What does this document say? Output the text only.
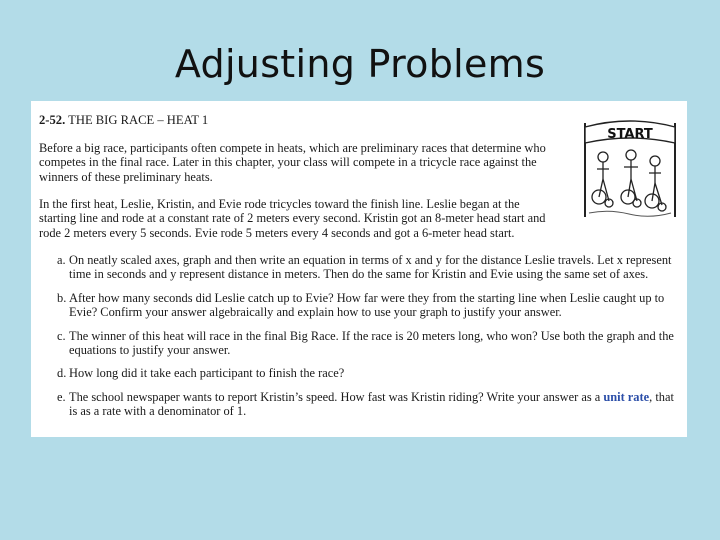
Adjusting Problems
2-52. THE BIG RACE – HEAT 1
Before a big race, participants often compete in heats, which are preliminary races that determine who competes in the final race. Later in this chapter, your class will compete in a tricycle race against the winners of these preliminary heats.
In the first heat, Leslie, Kristin, and Evie rode tricycles toward the finish line. Leslie began at the starting line and rode at a constant rate of 2 meters every second. Kristin got an 8-meter head start and rode 2 meters every 5 seconds. Evie rode 5 meters every 4 seconds and got a 6-meter head start.
START
a. On neatly scaled axes, graph and then write an equation in terms of x and y for the distance Leslie travels. Let x represent time in seconds and y represent distance in meters. Then do the same for Kristin and Evie using the same set of axes.
b. After how many seconds did Leslie catch up to Evie? How far were they from the starting line when Leslie caught up to Evie? Confirm your answer algebraically and explain how to use your graph to justify your answer.
c. The winner of this heat will race in the final Big Race. If the race is 20 meters long, who won? Use both the graph and the equations to justify your answer.
d. How long did it take each participant to finish the race?
e. The school newspaper wants to report Kristin’s speed. How fast was Kristin riding? Write your answer as a unit rate, that is as a rate with a denominator of 1.
